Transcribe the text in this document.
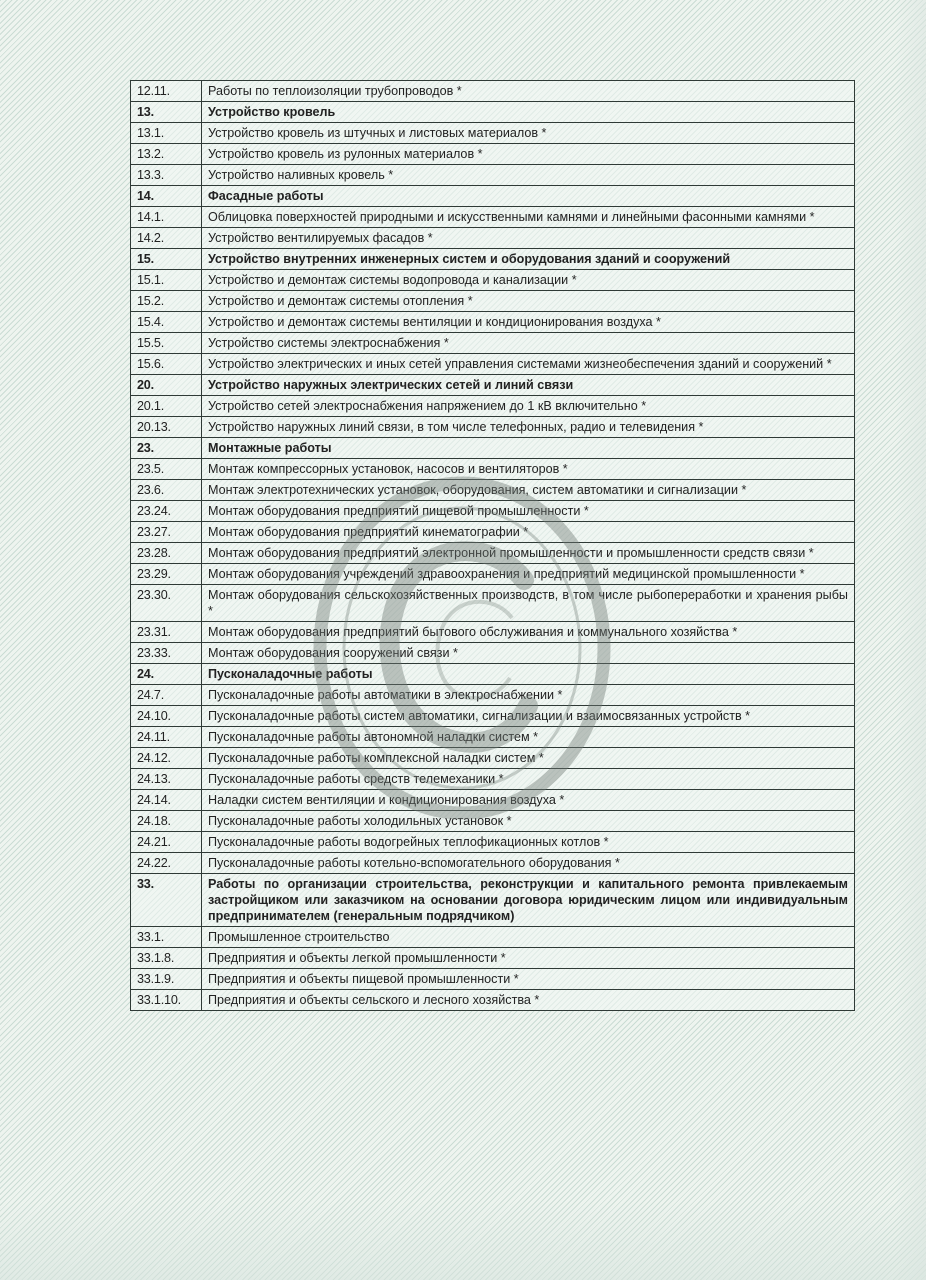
12.11.	Работы по теплоизоляции трубопроводов *
13.	Устройство кровель
13.1.	Устройство кровель из штучных и листовых материалов *
13.2.	Устройство кровель из рулонных материалов *
13.3.	Устройство наливных кровель *
14.	Фасадные работы
14.1.	Облицовка поверхностей природными и искусственными камнями и линейными фасонными камнями *
14.2.	Устройство вентилируемых фасадов *
15.	Устройство внутренних инженерных систем и оборудования зданий и сооружений
15.1.	Устройство и демонтаж системы водопровода и канализации *
15.2.	Устройство и демонтаж системы отопления *
15.4.	Устройство и демонтаж системы вентиляции и кондиционирования воздуха *
15.5.	Устройство системы электроснабжения *
15.6.	Устройство электрических и иных сетей управления системами жизнеобеспечения зданий и сооружений *
20.	Устройство наружных электрических сетей и линий связи
20.1.	Устройство сетей электроснабжения напряжением до 1 кВ включительно *
20.13.	Устройство наружных линий связи, в том числе телефонных, радио и телевидения *
23.	Монтажные работы
23.5.	Монтаж компрессорных установок, насосов и вентиляторов *
23.6.	Монтаж электротехнических установок, оборудования, систем автоматики и сигнализации *
23.24.	Монтаж оборудования предприятий пищевой промышленности *
23.27.	Монтаж оборудования предприятий кинематографии *
23.28.	Монтаж оборудования предприятий электронной промышленности и промышленности средств связи *
23.29.	Монтаж оборудования учреждений здравоохранения и предприятий медицинской промышленности *
23.30.	Монтаж оборудования сельскохозяйственных производств, в том числе рыбопереработки и хранения рыбы *
23.31.	Монтаж оборудования предприятий бытового обслуживания и коммунального хозяйства *
23.33.	Монтаж оборудования сооружений связи *
24.	Пусконаладочные работы
24.7.	Пусконаладочные работы автоматики в электроснабжении *
24.10.	Пусконаладочные работы систем автоматики, сигнализации и взаимосвязанных устройств *
24.11.	Пусконаладочные работы автономной наладки систем *
24.12.	Пусконаладочные работы комплексной наладки систем *
24.13.	Пусконаладочные работы средств телемеханики *
24.14.	Наладки систем вентиляции и кондиционирования воздуха *
24.18.	Пусконаладочные работы холодильных установок *
24.21.	Пусконаладочные работы водогрейных теплофикационных котлов *
24.22.	Пусконаладочные работы котельно-вспомогательного оборудования *
33.	Работы по организации строительства, реконструкции и капитального ремонта привлекаемым застройщиком или заказчиком на основании договора юридическим лицом или индивидуальным предпринимателем (генеральным подрядчиком)
33.1.	Промышленное строительство
33.1.8.	Предприятия и объекты легкой промышленности *
33.1.9.	Предприятия и объекты пищевой промышленности *
33.1.10.	Предприятия и объекты сельского и лесного хозяйства *
